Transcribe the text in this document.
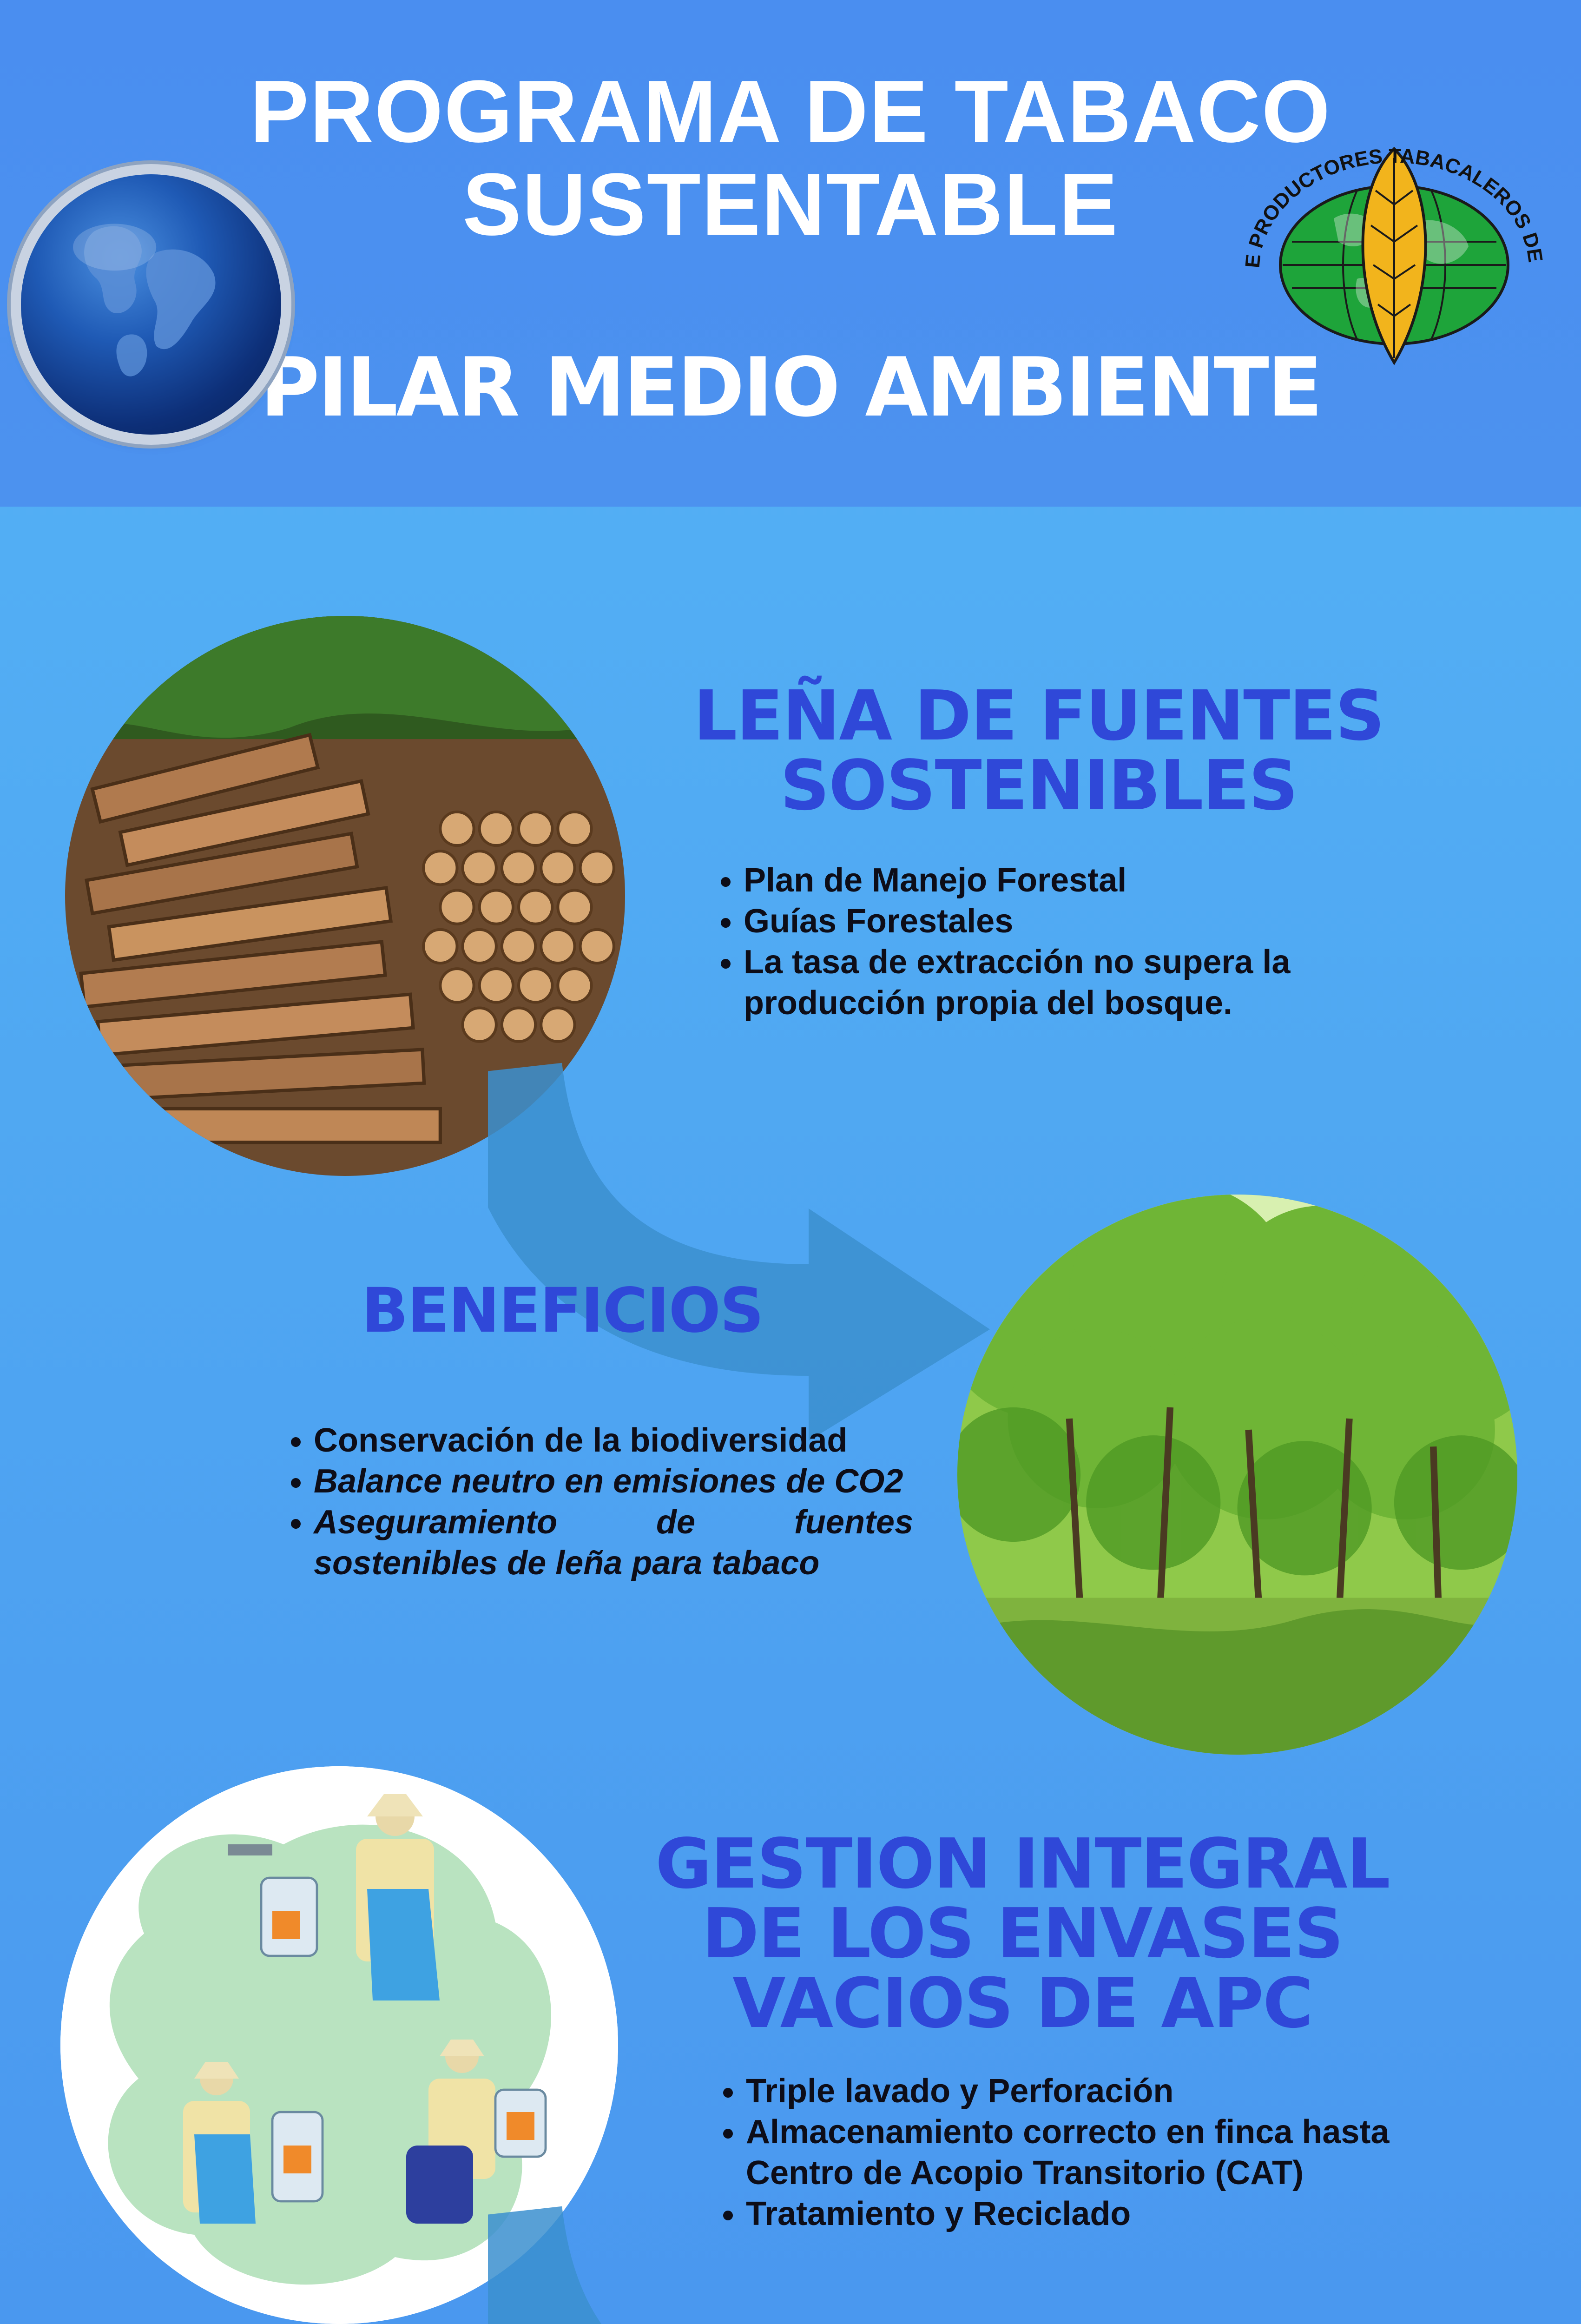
PROGRAMA DE TABACO
SUSTENTABLE
PILAR MEDIO AMBIENTE
E PRODUCTORES TABACALEROS DE
LEÑA DE FUENTES
SOSTENIBLES
• Plan de Manejo Forestal
• Guías Forestales
• La tasa de extracción no supera la producción propia del bosque.
BENEFICIOS
• Conservación de la biodiversidad
• Balance neutro en emisiones de CO2
• Aseguramiento de fuentes sostenibles de leña para tabaco
GESTION INTEGRAL
DE LOS ENVASES
VACIOS DE APC
• Triple lavado y Perforación
• Almacenamiento correcto en finca hasta Centro de Acopio Transitorio (CAT)
• Tratamiento y Reciclado
